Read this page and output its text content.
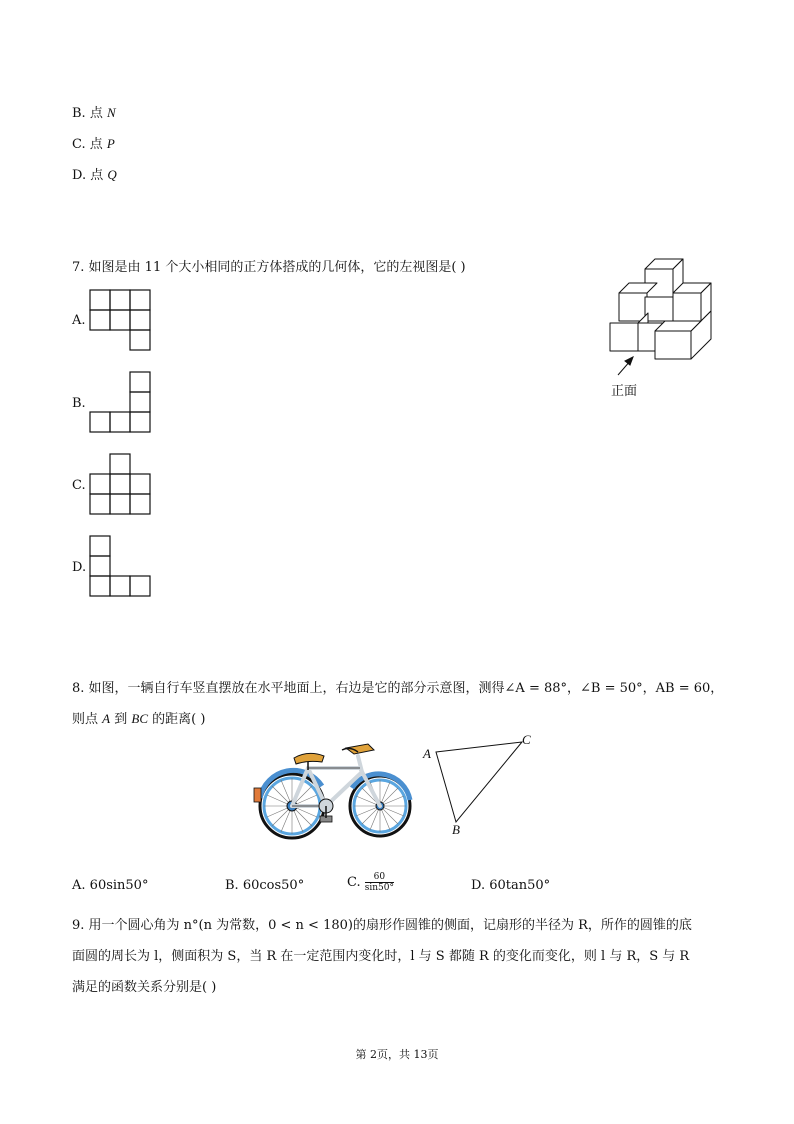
B. 点 N
C. 点 P
D. 点 Q
7. 如图是由 11 个大小相同的正方体搭成的几何体，它的左视图是( )
A.
B.
C.
D.
正面
8. 如图，一辆自行车竖直摆放在水平地面上，右边是它的部分示意图，测得∠A = 88°，∠B = 50°，AB = 60，
则点 A 到 BC 的距离( )
A
C
B
A. 60sin50°	B. 60cos50°	C. $\frac{60}{\sin 50^\circ}$	D. 60tan50°
9. 用一个圆心角为 n°(n 为常数，0 < n < 180)的扇形作圆锥的侧面，记扇形的半径为 R，所作的圆锥的底
面圆的周长为 l，侧面积为 S，当 R 在一定范围内变化时，l 与 S 都随 R 的变化而变化，则 l 与 R，S 与 R
满足的函数关系分别是( )
第 2页，共 13页
